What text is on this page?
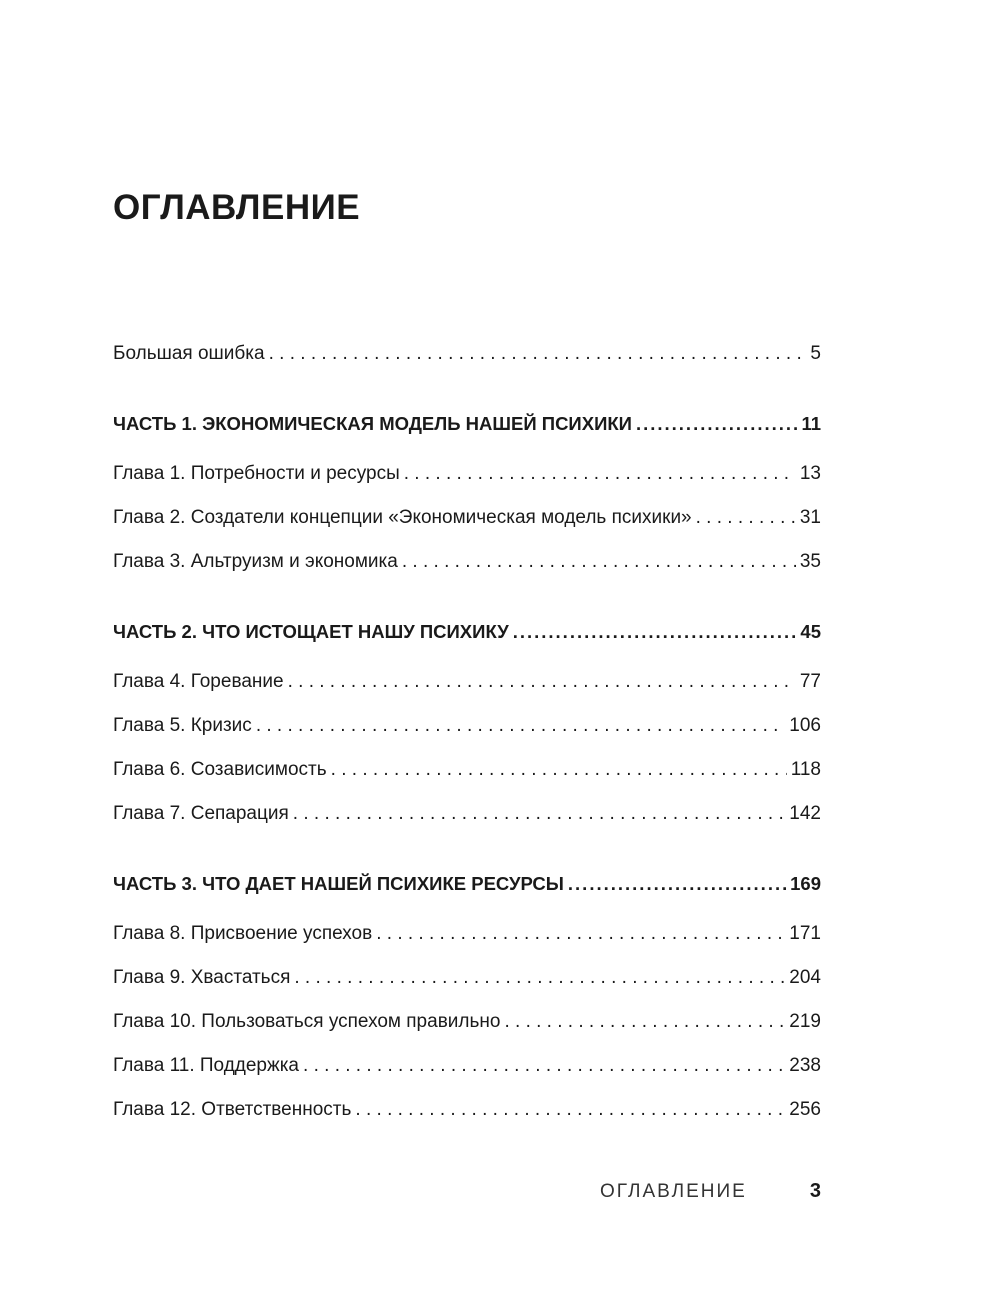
ОГЛАВЛЕНИЕ
Большая ошибка . . .	5
ЧАСТЬ 1. ЭКОНОМИЧЕСКАЯ МОДЕЛЬ НАШЕЙ ПСИХИКИ .....	11
Глава 1. Потребности и ресурсы . . .	13
Глава 2. Создатели концепции «Экономическая модель психики» . . .	31
Глава 3. Альтруизм и экономика . . .	35
ЧАСТЬ 2. ЧТО ИСТОЩАЕТ НАШУ ПСИХИКУ .....	45
Глава 4. Горевание . . .	77
Глава 5. Кризис . . .	106
Глава 6. Созависимость . . .	118
Глава 7. Сепарация . . .	142
ЧАСТЬ 3. ЧТО ДАЕТ НАШЕЙ ПСИХИКЕ РЕСУРСЫ .....	169
Глава 8. Присвоение успехов . . .	171
Глава 9. Хвастаться . . .	204
Глава 10. Пользоваться успехом правильно . . .	219
Глава 11. Поддержка . . .	238
Глава 12. Ответственность . . .	256
ОГЛАВЛЕНИЕ	3
